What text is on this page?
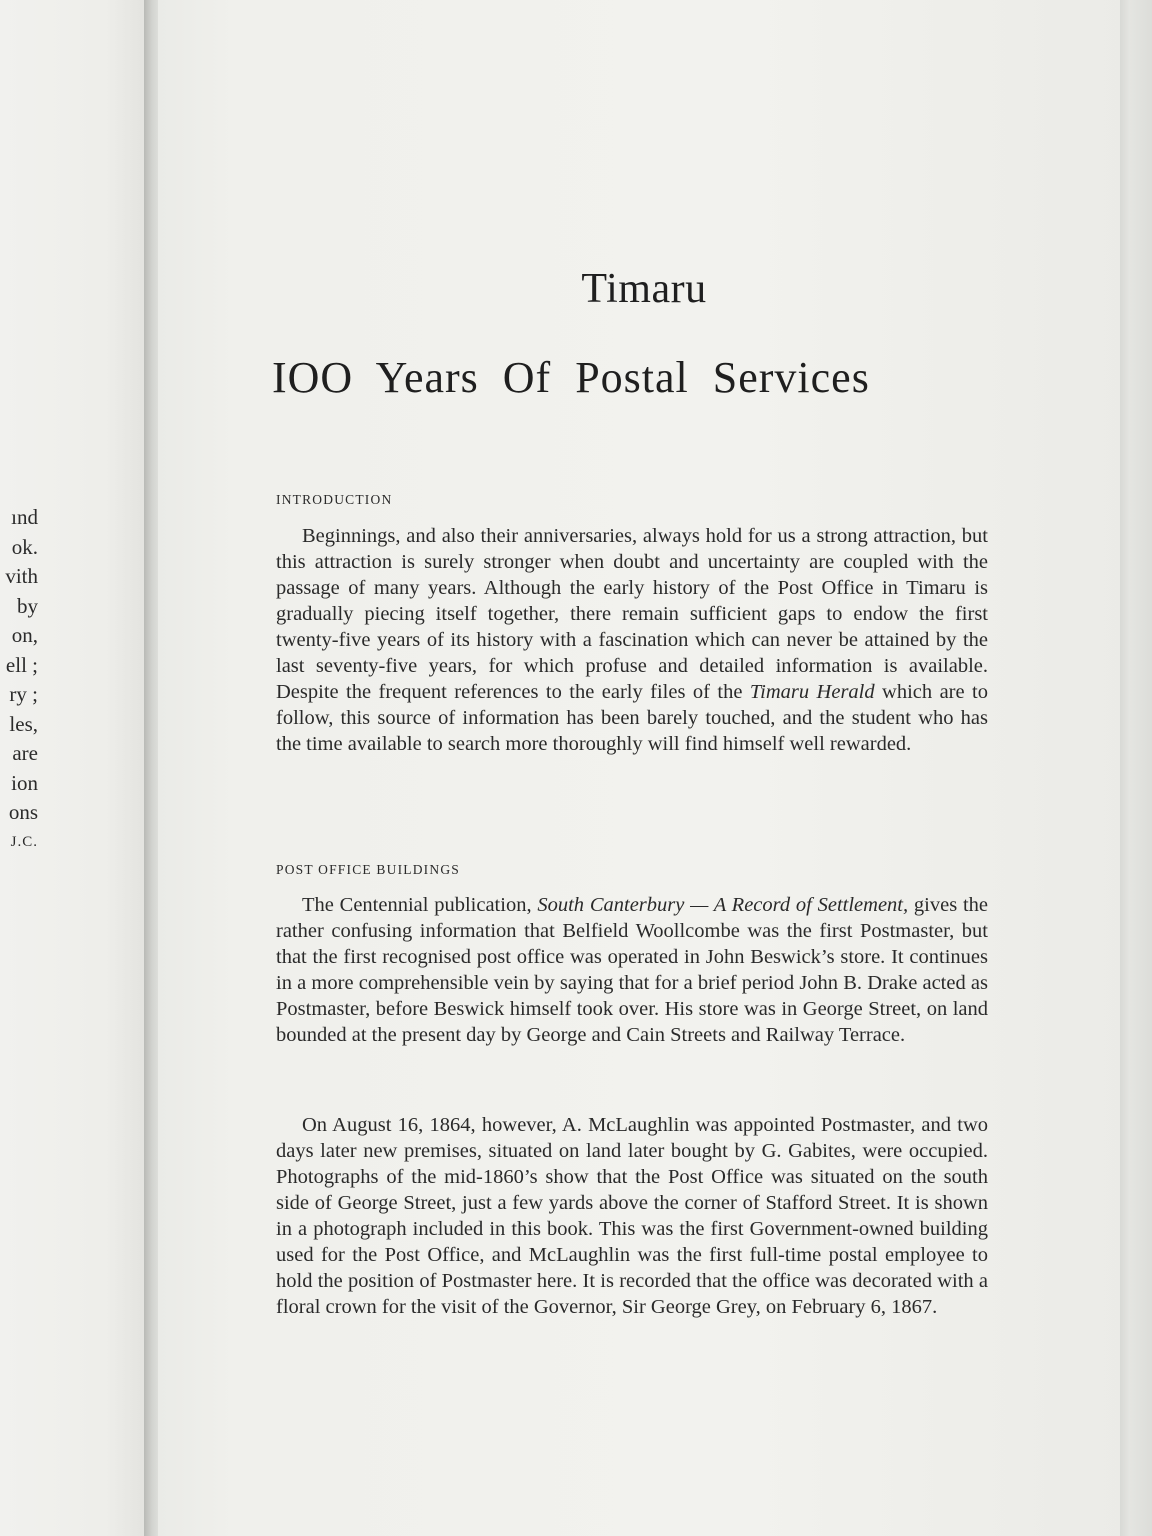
ınd
ok.
vith
by
on,
ell ;
ry ;
les,
are
ion
ons
J.C.
Timaru
IOO Years Of Postal Services
INTRODUCTION

Beginnings, and also their anniversaries, always hold for us a strong attraction, but this attraction is surely stronger when doubt and uncertainty are coupled with the passage of many years. Although the early history of the Post Office in Timaru is gradually piecing itself together, there remain sufficient gaps to endow the first twenty-five years of its history with a fascination which can never be attained by the last seventy-five years, for which profuse and detailed information is available. Despite the frequent references to the early files of the Timaru Herald which are to follow, this source of information has been barely touched, and the student who has the time available to search more thoroughly will find himself well rewarded.

POST OFFICE BUILDINGS

The Centennial publication, South Canterbury — A Record of Settlement, gives the rather confusing information that Belfield Woollcombe was the first Postmaster, but that the first recognised post office was operated in John Beswick’s store. It continues in a more comprehensible vein by saying that for a brief period John B. Drake acted as Postmaster, before Beswick himself took over. His store was in George Street, on land bounded at the present day by George and Cain Streets and Railway Terrace.

On August 16, 1864, however, A. McLaughlin was appointed Postmaster, and two days later new premises, situated on land later bought by G. Gabites, were occupied. Photographs of the mid-1860’s show that the Post Office was situated on the south side of George Street, just a few yards above the corner of Stafford Street. It is shown in a photograph included in this book. This was the first Government-owned building used for the Post Office, and McLaughlin was the first full-time postal employee to hold the position of Postmaster here. It is recorded that the office was decorated with a floral crown for the visit of the Governor, Sir George Grey, on February 6, 1867.
